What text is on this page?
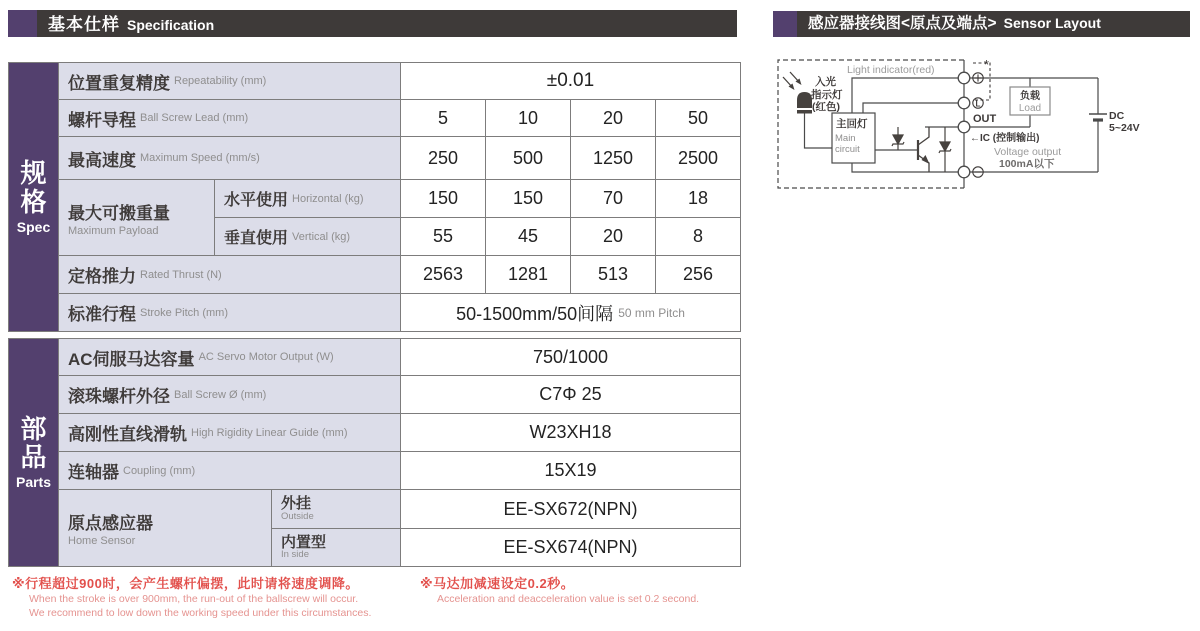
基本仕样 Specification	感应器接线图<原点及端点> Sensor Layout
规格
Spec
位置重复精度 Repeatability (mm)	±0.01
螺杆导程 Ball Screw Lead (mm)	5	10	20	50
最高速度 Maximum Speed (mm/s)	250	500	1250	2500
最大可搬重量
Maximum Payload
水平使用 Horizontal (kg)	150	150	70	18
垂直使用 Vertical (kg)	55	45	20	8
定格推力 Rated Thrust (N)	2563	1281	513	256
标准行程 Stroke Pitch (mm)	50-1500mm/50间隔 50 mm Pitch
部品
Parts
AC伺服马达容量 AC Servo Motor Output (W)	750/1000
滚珠螺杆外径 Ball Screw Ø (mm)	C7Φ 25
高刚性直线滑轨 High Rigidity Linear Guide (mm)	W23XH18
连轴器 Coupling (mm)	15X19
原点感应器
Home Sensor
外挂
Outside	EE-SX672(NPN)
内置型
In side	EE-SX674(NPN)
※行程超过900时，会产生螺杆偏摆，此时请将速度调降。
When the stroke is over 900mm, the run-out of the ballscrew will occur.
We recommend to low down the working speed under this circumstances.
※马达加减速设定0.2秒。
Acceleration and deacceleration value is set 0.2 second.
Light indicator(red)
入光
指示灯
(红色)
主回灯
Main
circuit
负载
Load
OUT
←IC (控制输出)
Voltage output
100mA以下
DC
5~24V
*
L
